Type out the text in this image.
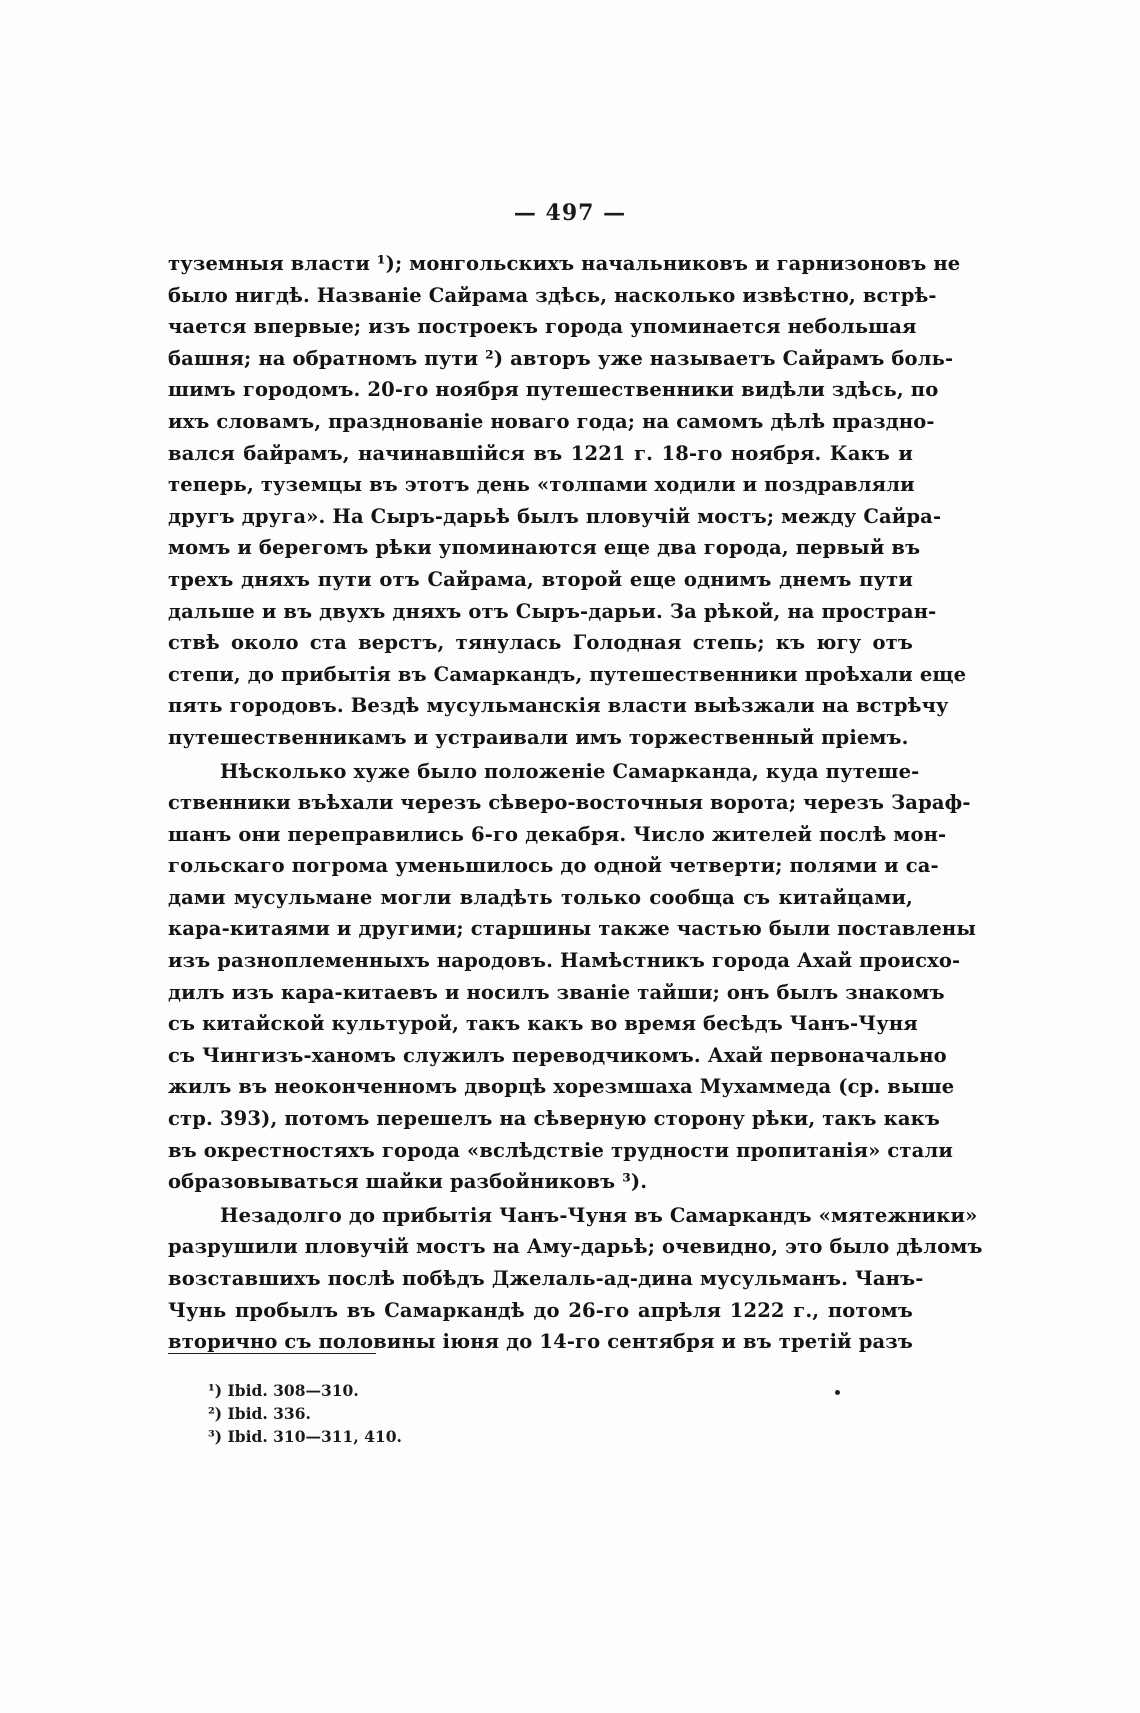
— 497 —
туземныя власти ¹); монгольскихъ начальниковъ и гарнизоновъ не
было нигдѣ. Названіе Сайрама здѣсь, насколько извѣстно, встрѣ-
чается впервые; изъ построекъ города упоминается небольшая
башня; на обратномъ пути ²) авторъ уже называетъ Сайрамъ боль-
шимъ городомъ. 20-го ноября путешественники видѣли здѣсь, по
ихъ словамъ, празднованіе новаго года; на самомъ дѣлѣ праздно-
вался байрамъ, начинавшійся въ 1221 г. 18-го ноября. Какъ и
теперь, туземцы въ этотъ день «толпами ходили и поздравляли
другъ друга». На Сыръ-дарьѣ былъ пловучій мостъ; между Сайра-
момъ и берегомъ рѣки упоминаются еще два города, первый въ
трехъ дняхъ пути отъ Сайрама, второй еще однимъ днемъ пути
дальше и въ двухъ дняхъ отъ Сыръ-дарьи. За рѣкой, на простран-
ствѣ около ста верстъ, тянулась Голодная степь; къ югу отъ
степи, до прибытія въ Самаркандъ, путешественники проѣхали еще
пять городовъ. Вездѣ мусульманскія власти выѣзжали на встрѣчу
путешественникамъ и устраивали имъ торжественный пріемъ.
Нѣсколько хуже было положеніе Самарканда, куда путеше-
ственники въѣхали черезъ сѣверо-восточныя ворота; черезъ Зараф-
шанъ они переправились 6-го декабря. Число жителей послѣ мон-
гольскаго погрома уменьшилось до одной четверти; полями и са-
дами мусульмане могли владѣть только сообща съ китайцами,
кара-китаями и другими; старшины также частью были поставлены
изъ разноплеменныхъ народовъ. Намѣстникъ города Ахай происхо-
дилъ изъ кара-китаевъ и носилъ званіе тайши; онъ былъ знакомъ
съ китайской культурой, такъ какъ во время бесѣдъ Чанъ-Чуня
съ Чингизъ-ханомъ служилъ переводчикомъ. Ахай первоначально
жилъ въ неоконченномъ дворцѣ хорезмшаха Мухаммеда (ср. выше
стр. 393), потомъ перешелъ на сѣверную сторону рѣки, такъ какъ
въ окрестностяхъ города «вслѣдствіе трудности пропитанія» стали
образовываться шайки разбойниковъ ³).
Незадолго до прибытія Чанъ-Чуня въ Самаркандъ «мятежники»
разрушили пловучій мостъ на Аму-дарьѣ; очевидно, это было дѣломъ
возставшихъ послѣ побѣдъ Джелаль-ад-дина мусульманъ. Чанъ-
Чунь пробылъ въ Самаркандѣ до 26-го апрѣля 1222 г., потомъ
вторично съ половины іюня до 14-го сентября и въ третій разъ
¹) Ibid. 308—310.
²) Ibid. 336.
³) Ibid. 310—311, 410.
